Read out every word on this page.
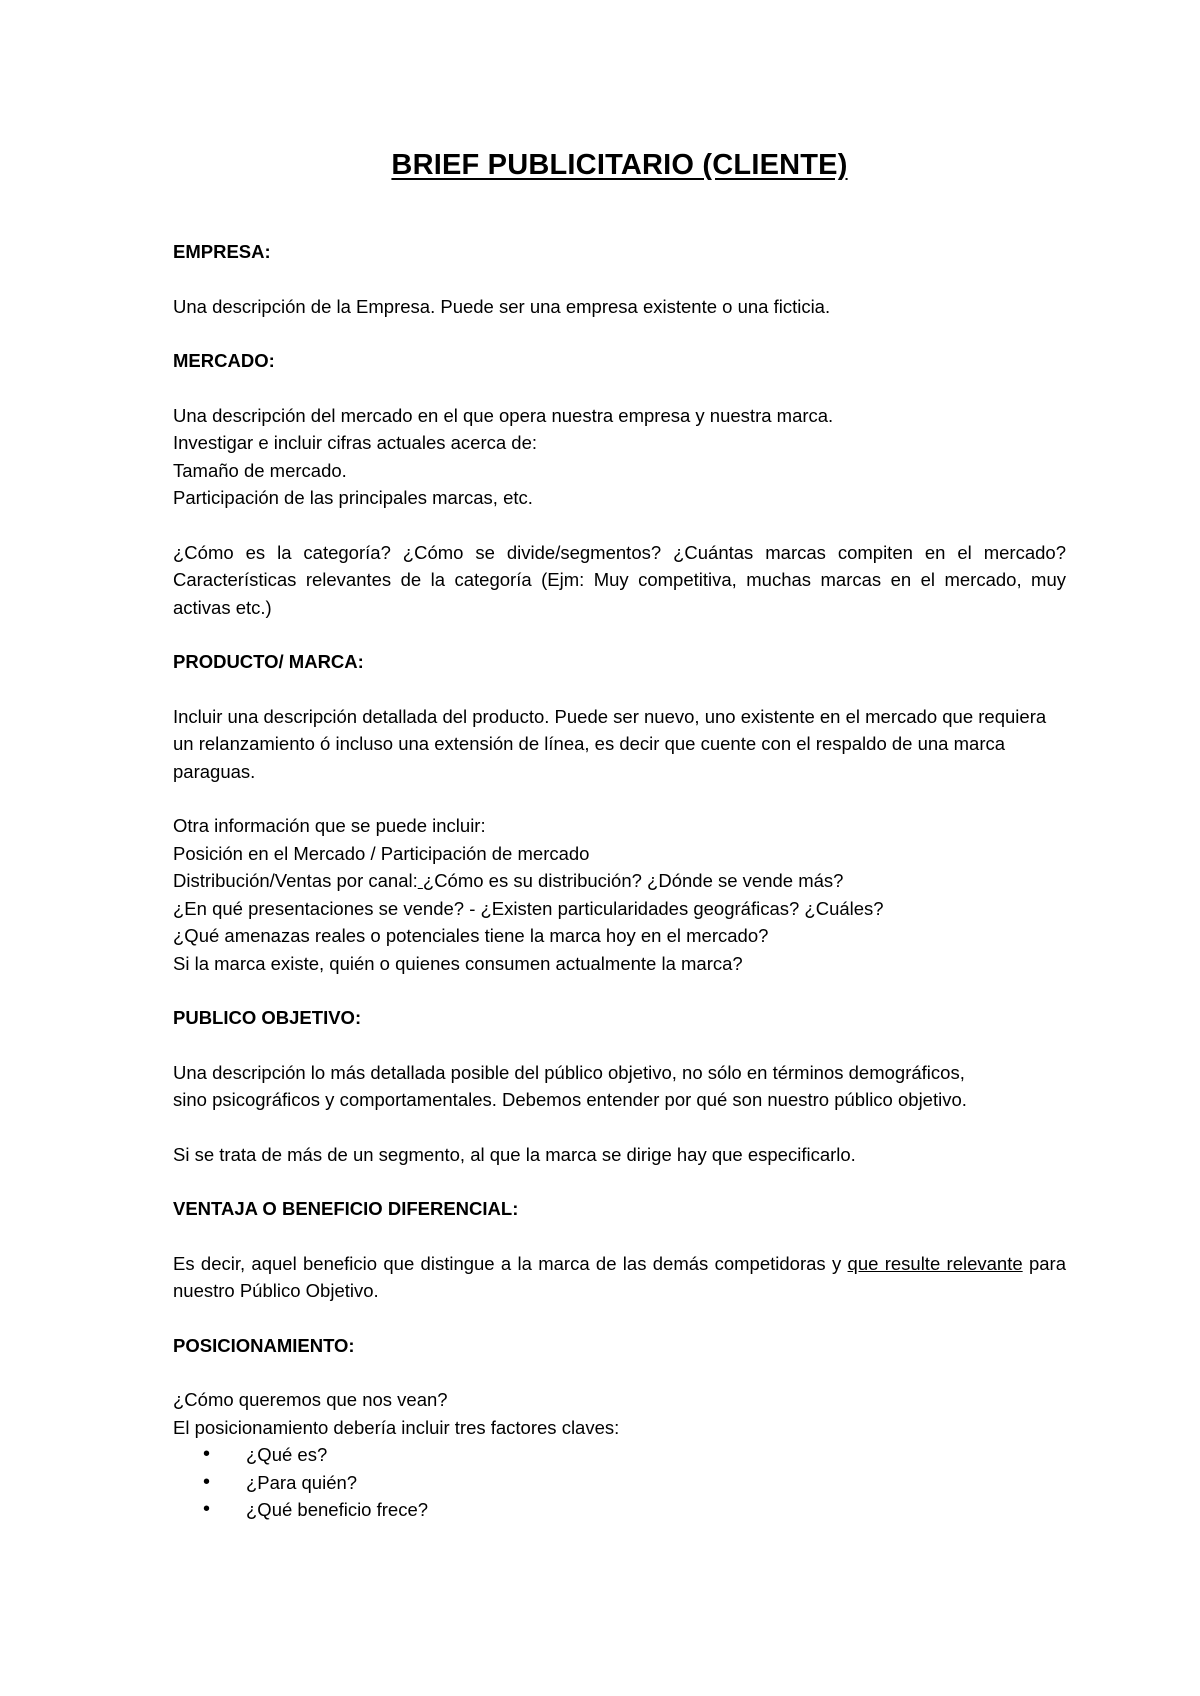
BRIEF PUBLICITARIO (CLIENTE)
EMPRESA:
Una descripción de la Empresa. Puede ser una empresa existente o una ficticia.
MERCADO:
Una descripción del mercado en el que opera nuestra empresa y nuestra marca.
Investigar e incluir cifras actuales acerca de:
Tamaño de mercado.
Participación de las principales marcas, etc.
¿Cómo es la categoría? ¿Cómo se divide/segmentos? ¿Cuántas marcas compiten en el mercado? Características relevantes de la categoría (Ejm: Muy competitiva, muchas marcas en el mercado, muy activas etc.)
PRODUCTO/ MARCA:
Incluir una descripción detallada del producto. Puede ser nuevo, uno existente en el mercado que requiera un relanzamiento ó incluso una extensión de línea, es decir que cuente con el respaldo de una marca paraguas.
Otra información que se puede incluir:
Posición en el Mercado / Participación de mercado
Distribución/Ventas por canal: ¿Cómo es su distribución? ¿Dónde se vende más?
¿En qué presentaciones se vende? - ¿Existen particularidades geográficas? ¿Cuáles?
¿Qué amenazas reales o potenciales tiene la marca hoy en el mercado?
Si la marca existe, quién o quienes consumen actualmente la marca?
PUBLICO OBJETIVO:
Una descripción lo más detallada posible del público objetivo, no sólo en términos demográficos,
sino psicográficos y comportamentales. Debemos entender por qué son nuestro público objetivo.
Si se trata de más de un segmento, al que la marca se dirige hay que especificarlo.
VENTAJA O BENEFICIO DIFERENCIAL:
Es decir, aquel beneficio que distingue a la marca de las demás competidoras y que resulte relevante para nuestro Público Objetivo.
POSICIONAMIENTO:
¿Cómo queremos que nos vean?
El posicionamiento debería incluir tres factores claves:
• ¿Qué es?
• ¿Para quién?
• ¿Qué beneficio frece?
